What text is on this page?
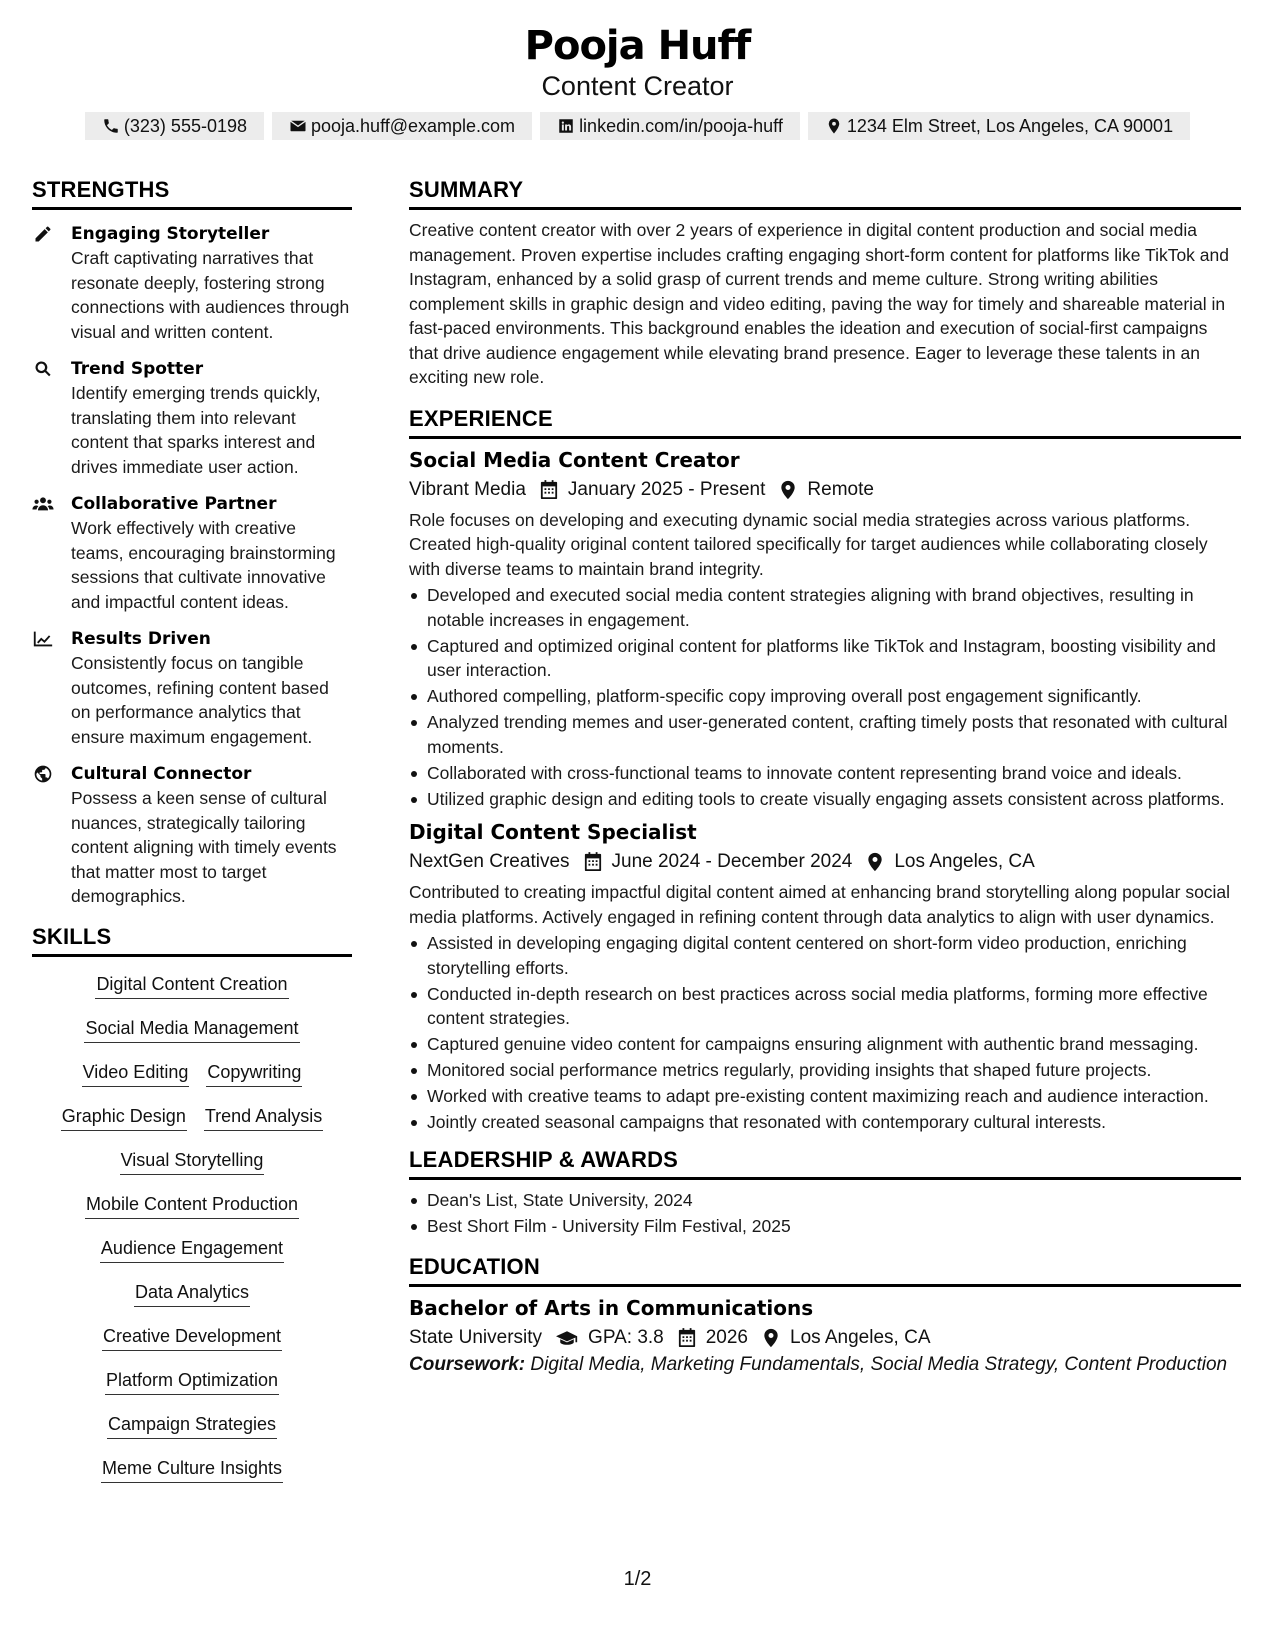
Pooja Huff
Content Creator
(323) 555-0198	pooja.huff@example.com	linkedin.com/in/pooja-huff	1234 Elm Street, Los Angeles, CA 90001
STRENGTHS
Engaging Storyteller
Craft captivating narratives that resonate deeply, fostering strong connections with audiences through visual and written content.
Trend Spotter
Identify emerging trends quickly, translating them into relevant content that sparks interest and drives immediate user action.
Collaborative Partner
Work effectively with creative teams, encouraging brainstorming sessions that cultivate innovative and impactful content ideas.
Results Driven
Consistently focus on tangible outcomes, refining content based on performance analytics that ensure maximum engagement.
Cultural Connector
Possess a keen sense of cultural nuances, strategically tailoring content aligning with timely events that matter most to target demographics.
SKILLS
Digital Content Creation
Social Media Management
Video Editing Copywriting
Graphic Design Trend Analysis
Visual Storytelling
Mobile Content Production
Audience Engagement
Data Analytics
Creative Development
Platform Optimization
Campaign Strategies
Meme Culture Insights
SUMMARY

Creative content creator with over 2 years of experience in digital content production and social media management. Proven expertise includes crafting engaging short-form content for platforms like TikTok and Instagram, enhanced by a solid grasp of current trends and meme culture. Strong writing abilities complement skills in graphic design and video editing, paving the way for timely and shareable material in fast-paced environments. This background enables the ideation and execution of social-first campaigns that drive audience engagement while elevating brand presence. Eager to leverage these talents in an exciting new role.

EXPERIENCE
Social Media Content Creator
Vibrant Media January 2025 - Present Remote

Role focuses on developing and executing dynamic social media strategies across various platforms. Created high-quality original content tailored specifically for target audiences while collaborating closely with diverse teams to maintain brand integrity.

Developed and executed social media content strategies aligning with brand objectives, resulting in notable increases in engagement.
Captured and optimized original content for platforms like TikTok and Instagram, boosting visibility and user interaction.
Authored compelling, platform-specific copy improving overall post engagement significantly.
Analyzed trending memes and user-generated content, crafting timely posts that resonated with cultural moments.
Collaborated with cross-functional teams to innovate content representing brand voice and ideals.
Utilized graphic design and editing tools to create visually engaging assets consistent across platforms.
Digital Content Specialist
NextGen Creatives June 2024 - December 2024 Los Angeles, CA

Contributed to creating impactful digital content aimed at enhancing brand storytelling along popular social media platforms. Actively engaged in refining content through data analytics to align with user dynamics.

Assisted in developing engaging digital content centered on short-form video production, enriching storytelling efforts.
Conducted in-depth research on best practices across social media platforms, forming more effective content strategies.
Captured genuine video content for campaigns ensuring alignment with authentic brand messaging.
Monitored social performance metrics regularly, providing insights that shaped future projects.
Worked with creative teams to adapt pre-existing content maximizing reach and audience interaction.
Jointly created seasonal campaigns that resonated with contemporary cultural interests.
LEADERSHIP & AWARDS
Dean's List, State University, 2024
Best Short Film - University Film Festival, 2025
EDUCATION
Bachelor of Arts in Communications
State University GPA: 3.8 2026 Los Angeles, CA
Coursework: Digital Media, Marketing Fundamentals, Social Media Strategy, Content Production
1/2
